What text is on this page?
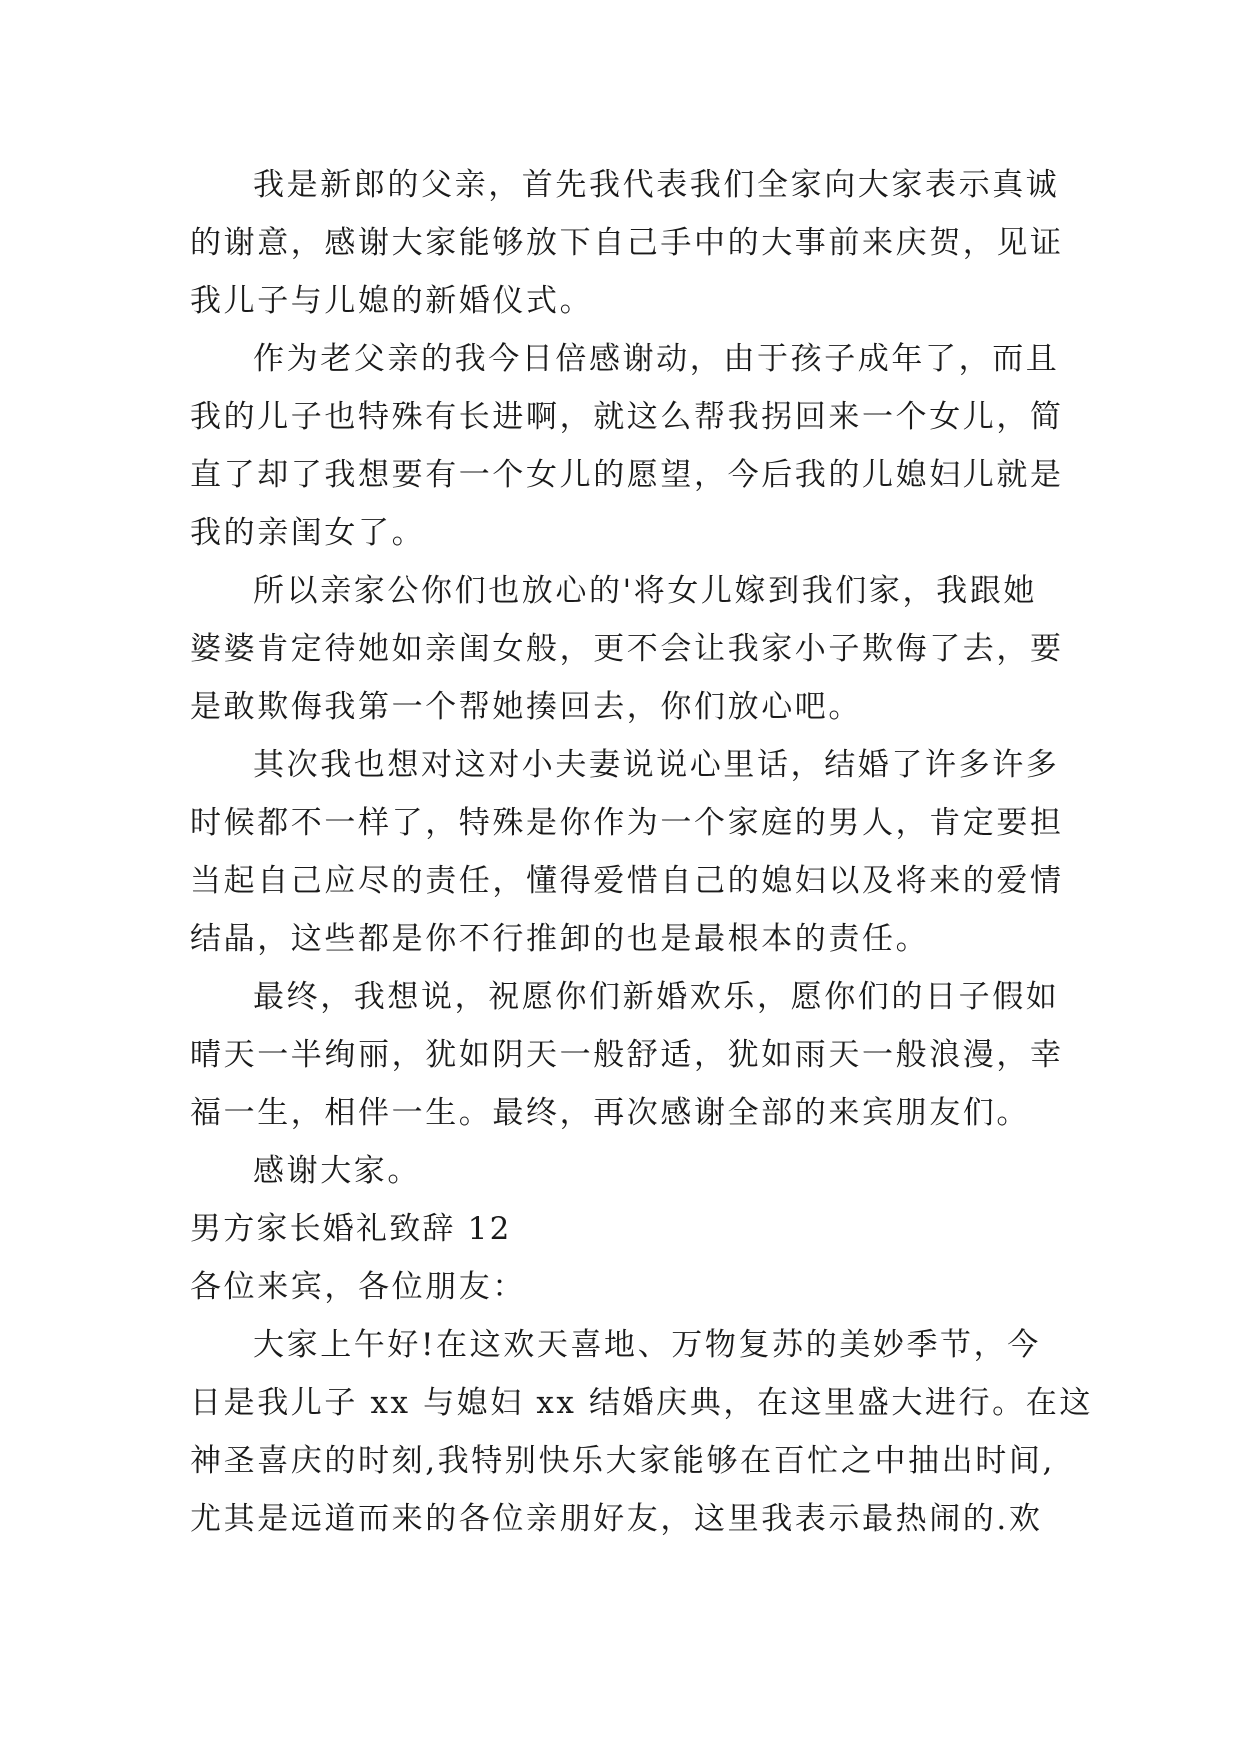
我是新郎的父亲，首先我代表我们全家向大家表示真诚
的谢意，感谢大家能够放下自己手中的大事前来庆贺，见证
我儿子与儿媳的新婚仪式。
作为老父亲的我今日倍感谢动，由于孩子成年了，而且
我的儿子也特殊有长进啊，就这么帮我拐回来一个女儿，简
直了却了我想要有一个女儿的愿望，今后我的儿媳妇儿就是
我的亲闺女了。
所以亲家公你们也放心的'将女儿嫁到我们家，我跟她
婆婆肯定待她如亲闺女般，更不会让我家小子欺侮了去，要
是敢欺侮我第一个帮她揍回去，你们放心吧。
其次我也想对这对小夫妻说说心里话，结婚了许多许多
时候都不一样了，特殊是你作为一个家庭的男人，肯定要担
当起自己应尽的责任，懂得爱惜自己的媳妇以及将来的爱情
结晶，这些都是你不行推卸的也是最根本的责任。
最终，我想说，祝愿你们新婚欢乐，愿你们的日子假如
晴天一半绚丽，犹如阴天一般舒适，犹如雨天一般浪漫，幸
福一生，相伴一生。最终，再次感谢全部的来宾朋友们。
感谢大家。
男方家长婚礼致辞 12
各位来宾，各位朋友：
大家上午好!在这欢天喜地、万物复苏的美妙季节，今
日是我儿子 xx 与媳妇 xx 结婚庆典，在这里盛大进行。在这
神圣喜庆的时刻,我特别快乐大家能够在百忙之中抽出时间,
尤其是远道而来的各位亲朋好友，这里我表示最热闹的.欢
